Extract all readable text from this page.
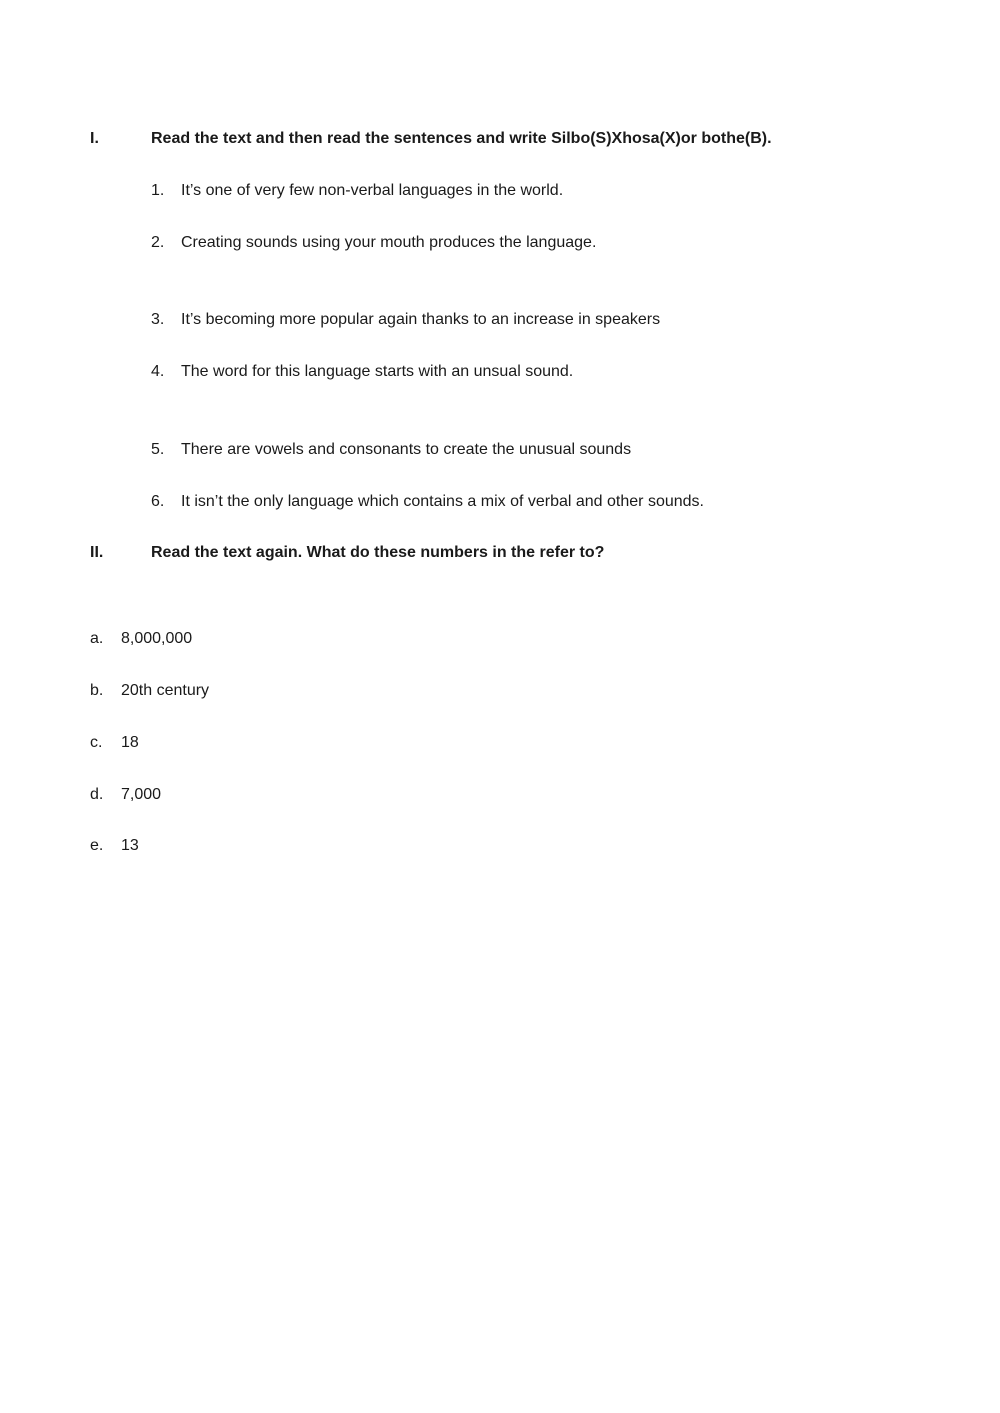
I.	Read the text and then read the sentences and write Silbo(S)Xhosa(X)or bothe(B).
1. It’s one of very few non-verbal languages in the world.
2. Creating sounds using your mouth produces the language.
3. It’s becoming more popular again thanks to an increase in speakers
4. The word for this language starts with an unsual sound.
5. There are vowels and consonants to create the unusual sounds
6. It isn’t the only language which contains a mix of verbal and other sounds.
II.	Read the text again. What do these numbers in the refer to?
a. 8,000,000
b. 20th century
c. 18
d. 7,000
e. 13
